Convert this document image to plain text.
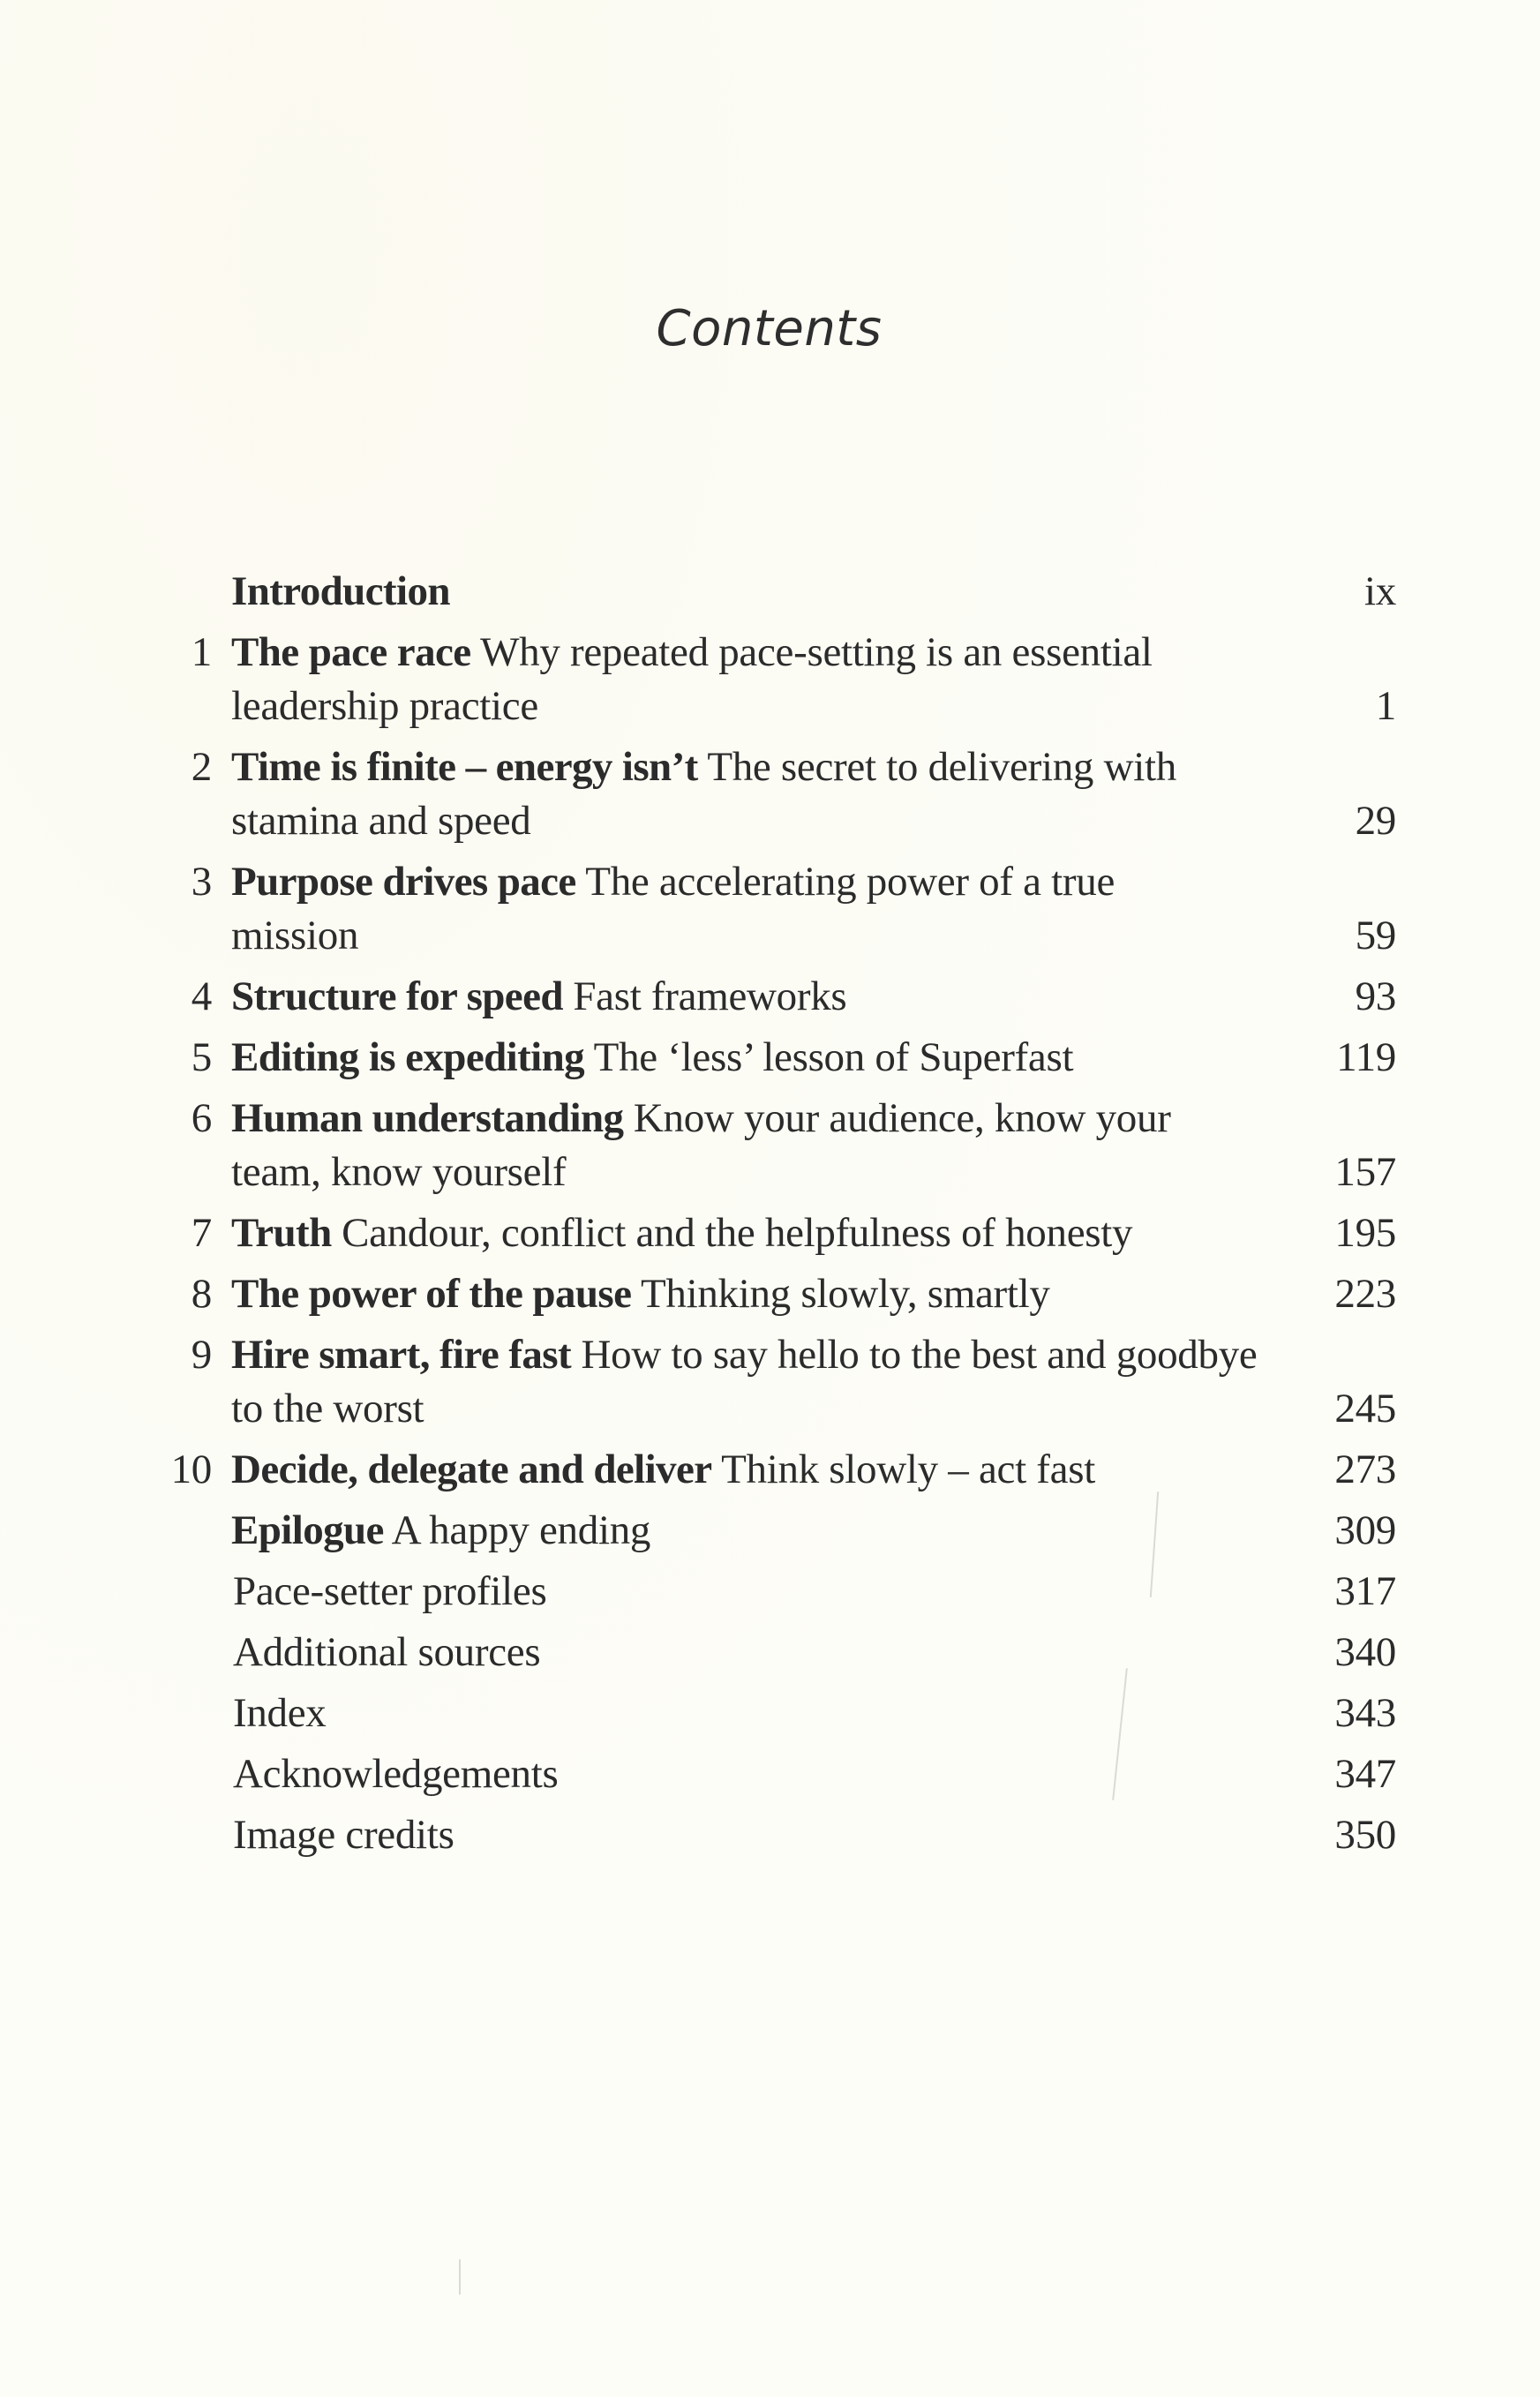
Contents
Introduction	ix
1 The pace race Why repeated pace-setting is an essential leadership practice	1
2 Time is finite – energy isn’t The secret to delivering with stamina and speed	29
3 Purpose drives pace The accelerating power of a true mission	59
4 Structure for speed Fast frameworks	93
5 Editing is expediting The ‘less’ lesson of Superfast	119
6 Human understanding Know your audience, know your team, know yourself	157
7 Truth Candour, conflict and the helpfulness of honesty	195
8 The power of the pause Thinking slowly, smartly	223
9 Hire smart, fire fast How to say hello to the best and goodbye to the worst	245
10 Decide, delegate and deliver Think slowly – act fast	273
Epilogue A happy ending	309
Pace-setter profiles	317
Additional sources	340
Index	343
Acknowledgements	347
Image credits	350
